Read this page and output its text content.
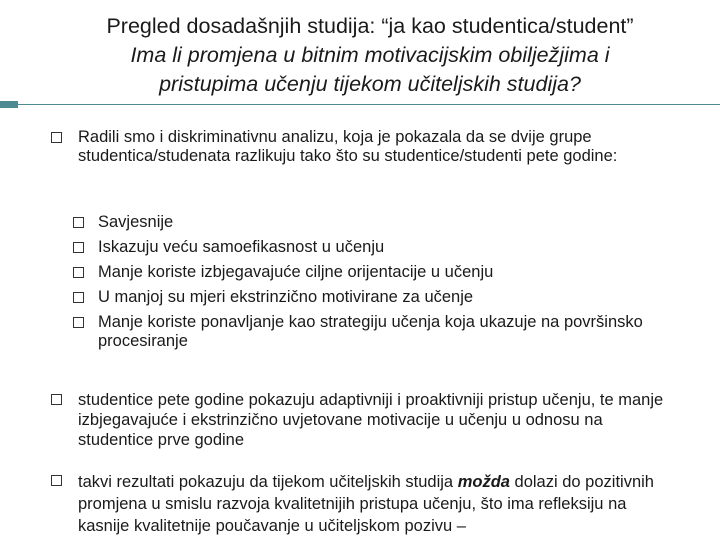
Pregled dosadašnjih studija: “ja kao studentica/student”
Ima li promjena u bitnim motivacijskim obilježjima i
pristupima učenju tijekom učiteljskih studija?
Radili smo i diskriminativnu analizu, koja je pokazala da se dvije grupe studentica/studenata razlikuju tako što su studentice/studenti pete godine:
Savjesnije
Iskazuju veću samoefikasnost u učenju
Manje koriste izbjegavajuće ciljne orijentacije u učenju
U manjoj su mjeri ekstrinzično motivirane za učenje
Manje koriste ponavljanje kao strategiju učenja koja ukazuje na površinsko procesiranje
studentice pete godine pokazuju adaptivniji i proaktivniji pristup učenju, te manje izbjegavajuće i ekstrinzično uvjetovane motivacije u učenju u odnosu na studentice prve godine
takvi rezultati pokazuju da tijekom učiteljskih studija možda dolazi do pozitivnih promjena u smislu razvoja kvalitetnijih pristupa učenju, što ima refleksiju na kasnije kvalitetnije poučavanje u učiteljskom pozivu –
